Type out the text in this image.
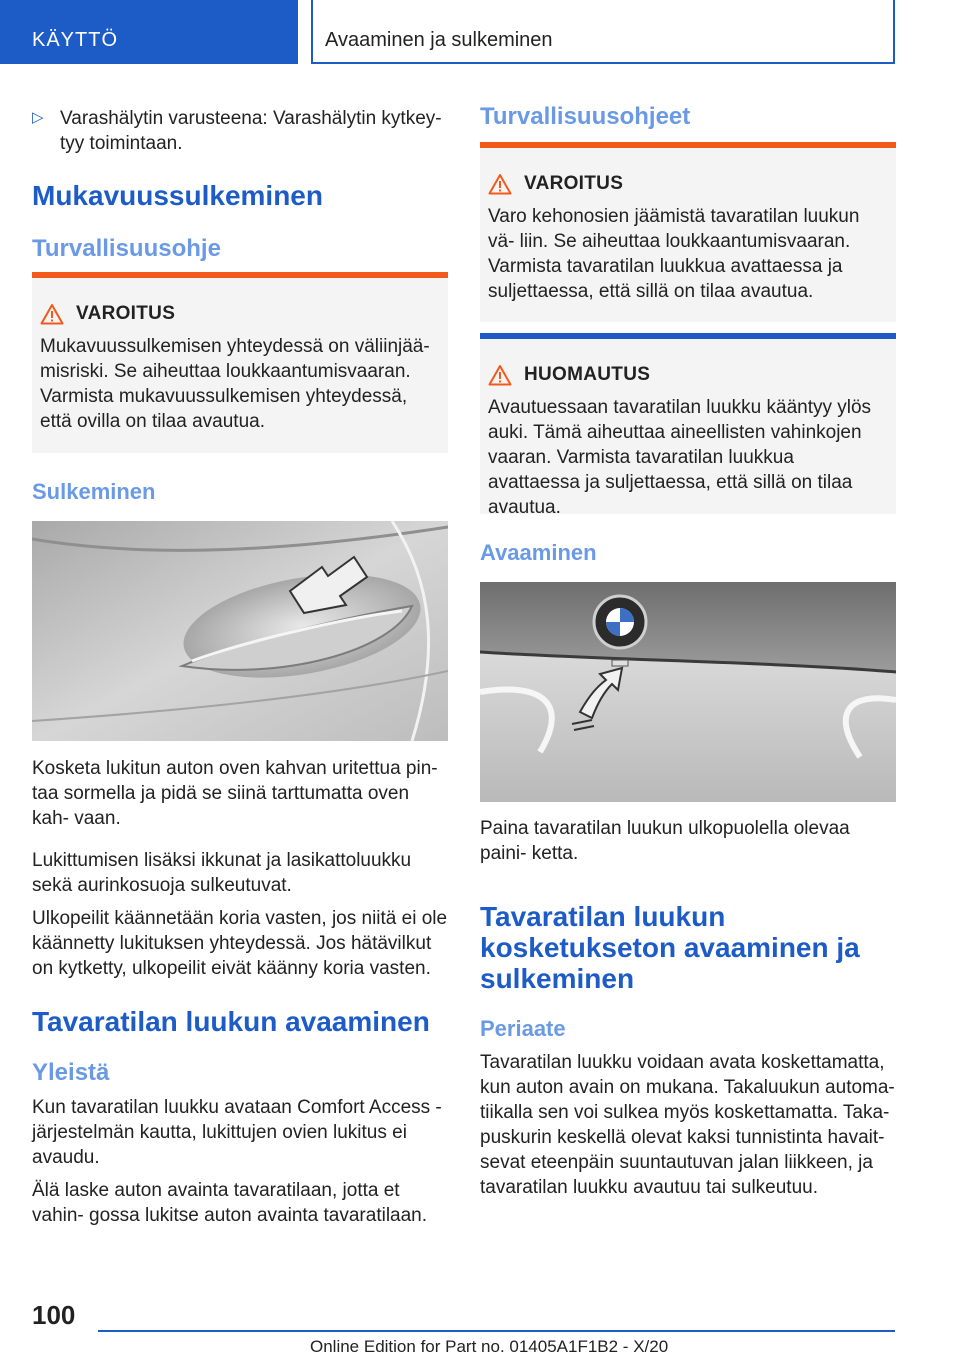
KÄYTTÖ	Avaaminen ja sulkeminen
▷ Varashälytin varusteena: Varashälytin kytkey- tyy toimintaan.

Mukavuussulkeminen
Turvallisuusohje
VAROITUS

Mukavuussulkemisen yhteydessä on väliinjää- misriski. Se aiheuttaa loukkaantumisvaaran. Varmista mukavuussulkemisen yhteydessä, että ovilla on tilaa avautua.

Sulkeminen

Kosketa lukitun auton oven kahvan uritettua pin- taa sormella ja pidä se siinä tarttumatta oven kah- vaan.

Lukittumisen lisäksi ikkunat ja lasikattoluukku sekä aurinkosuoja sulkeutuvat.

Ulkopeilit käännetään koria vasten, jos niitä ei ole käännetty lukituksen yhteydessä. Jos hätävilkut on kytketty, ulkopeilit eivät käänny koria vasten.

Tavaratilan luukun avaaminen
Yleistä

Kun tavaratilan luukku avataan Comfort Access -järjestelmän kautta, lukittujen ovien lukitus ei avaudu.

Älä laske auton avainta tavaratilaan, jotta et vahin- gossa lukitse auton avainta tavaratilaan.

Turvallisuusohjeet
VAROITUS

Varo kehonosien jäämistä tavaratilan luukun vä- liin. Se aiheuttaa loukkaantumisvaaran. Varmista tavaratilan luukkua avattaessa ja suljettaessa, että sillä on tilaa avautua.

HUOMAUTUS

Avautuessaan tavaratilan luukku kääntyy ylös auki. Tämä aiheuttaa aineellisten vahinkojen vaaran. Varmista tavaratilan luukkua avattaessa ja suljettaessa, että sillä on tilaa avautua.

Avaaminen

Paina tavaratilan luukun ulkopuolella olevaa paini- ketta.

Tavaratilan luukun kosketukseton avaaminen ja sulkeminen
Periaate

Tavaratilan luukku voidaan avata koskettamatta, kun auton avain on mukana. Takaluukun automa- tiikalla sen voi sulkea myös koskettamatta. Taka- puskurin keskellä olevat kaksi tunnistinta havait- sevat eteenpäin suuntautuvan jalan liikkeen, ja tavaratilan luukku avautuu tai sulkeutuu.

100
Online Edition for Part no. 01405A1F1B2 - X/20
